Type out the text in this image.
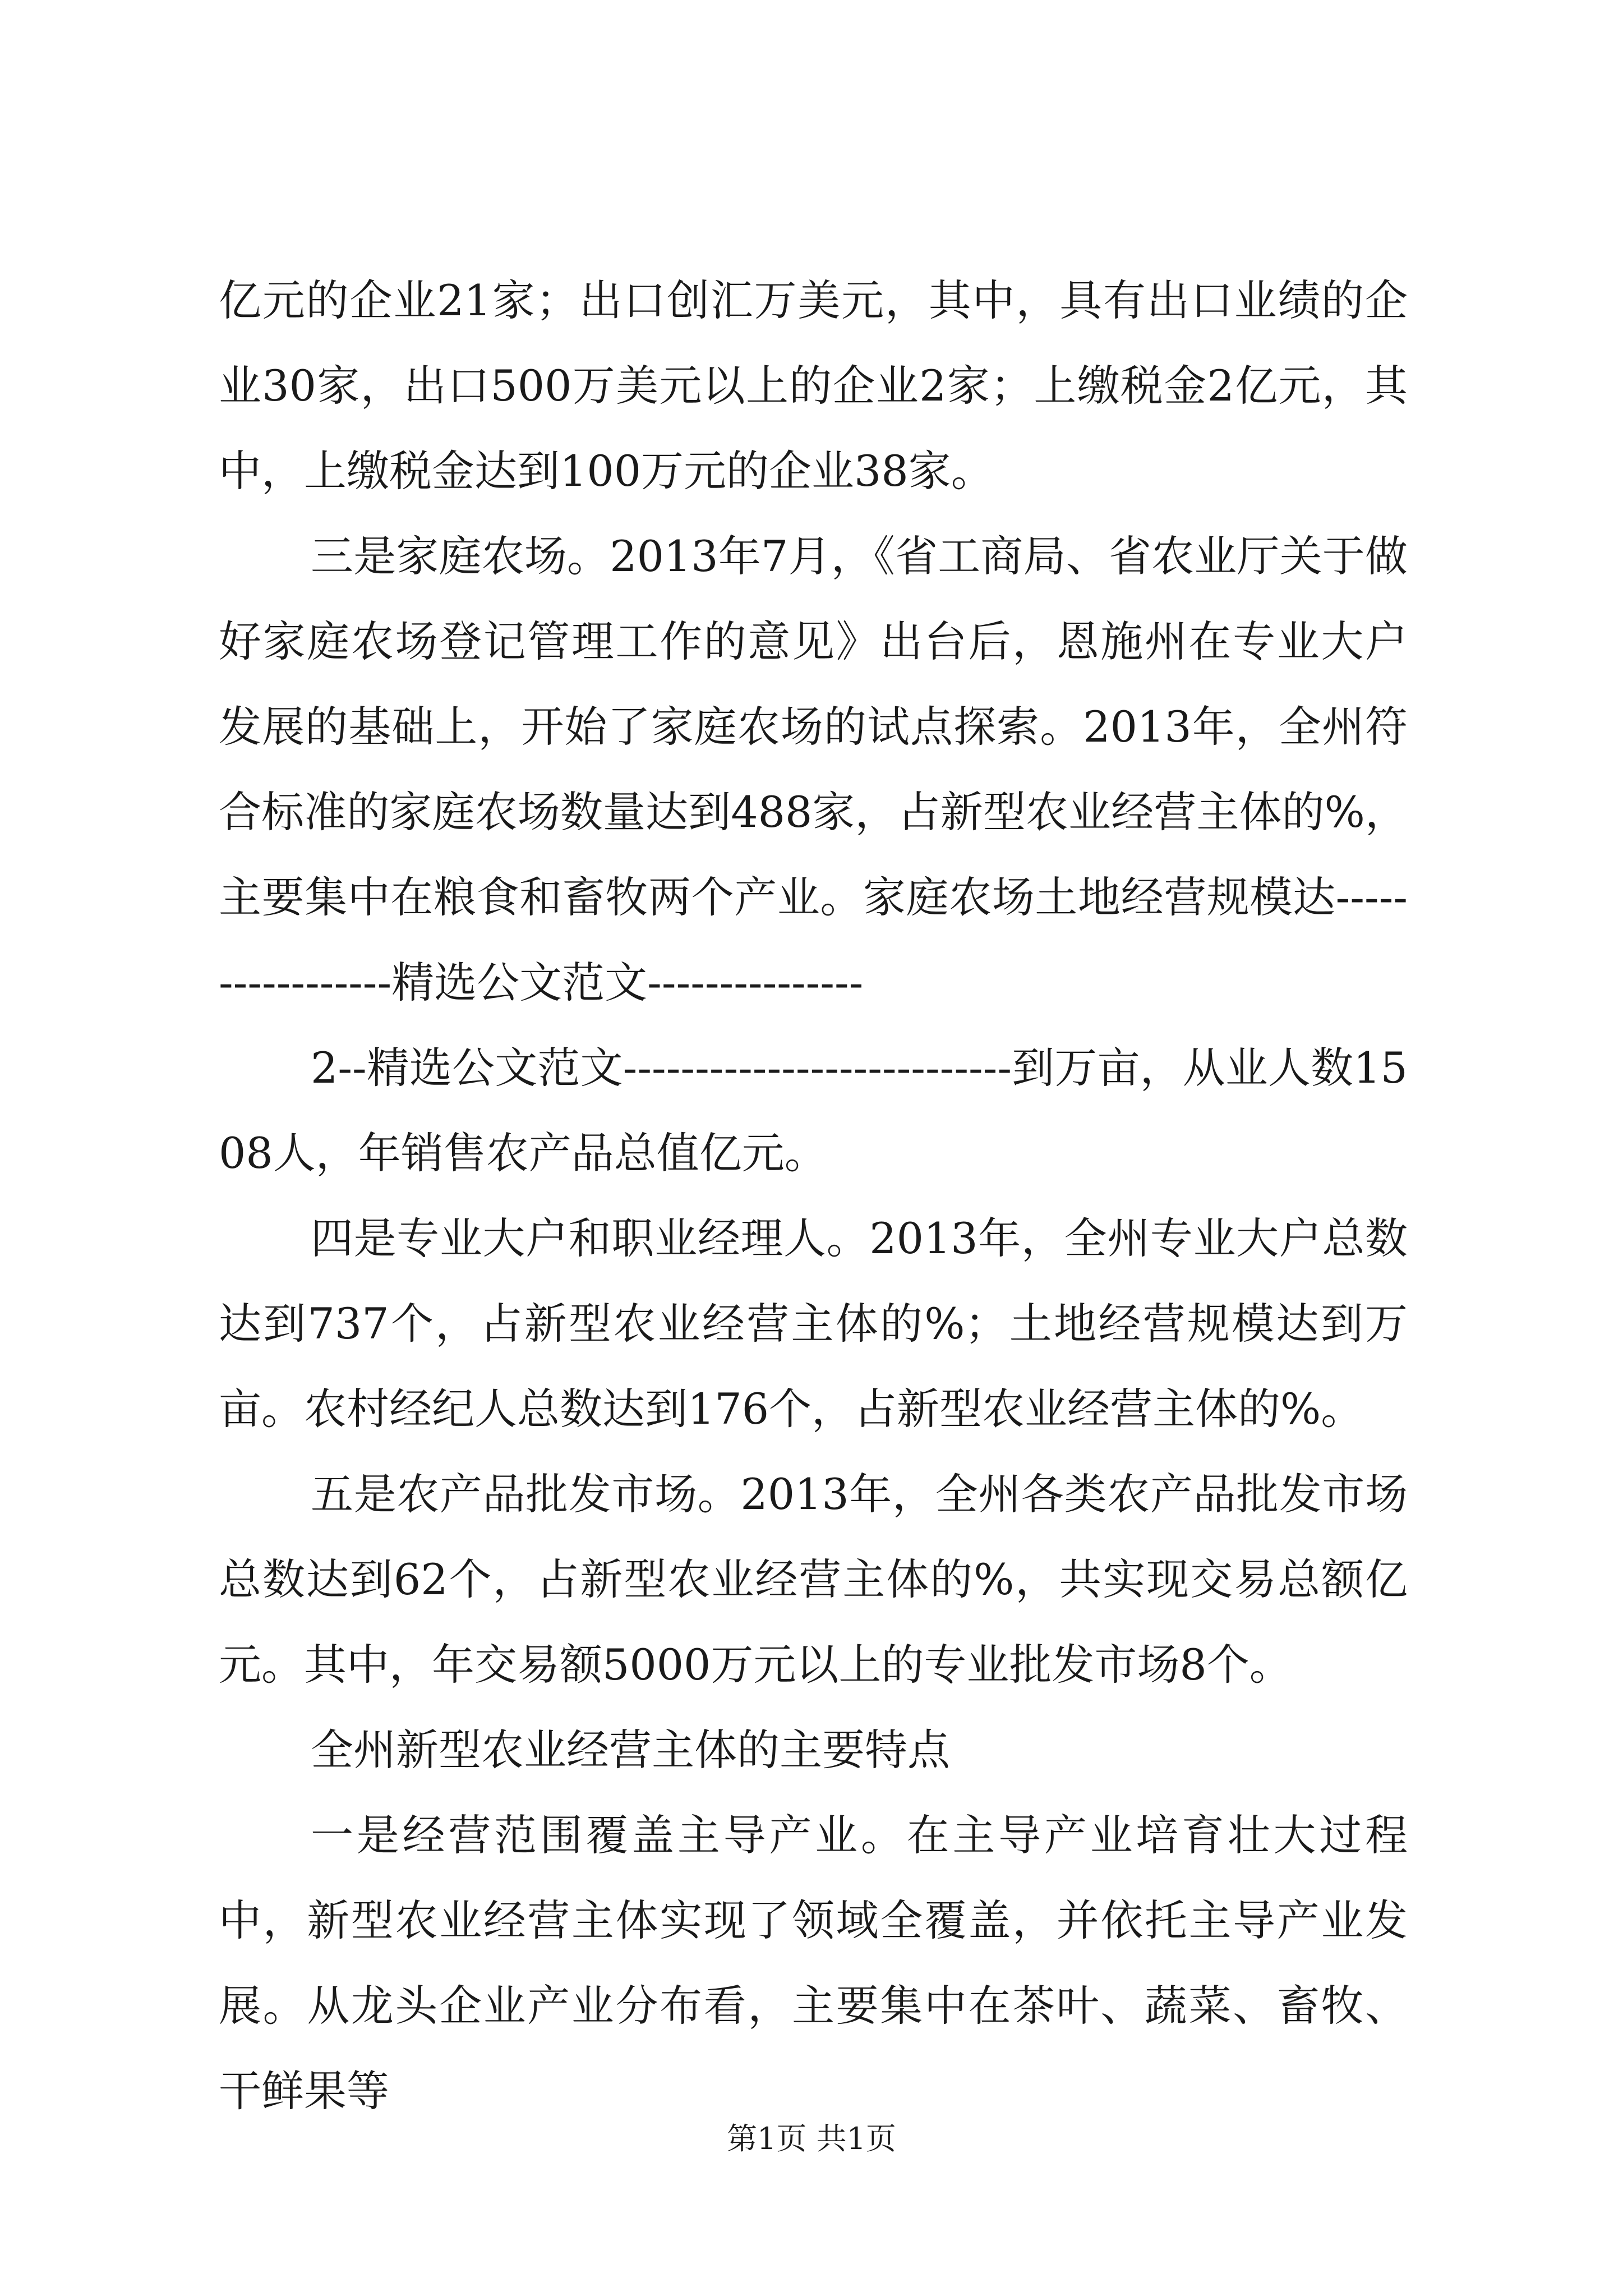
亿元的企业21家；出口创汇万美元，其中，具有出口业绩的企业30家，出口500万美元以上的企业2家；上缴税金2亿元，其中，上缴税金达到100万元的企业38家。

三是家庭农场。2013年7月，《省工商局、省农业厅关于做好家庭农场登记管理工作的意见》出台后，恩施州在专业大户发展的基础上，开始了家庭农场的试点探索。2013年，全州符合标准的家庭农场数量达到488家，占新型农业经营主体的%，主要集中在粮食和畜牧两个产业。家庭农场土地经营规模达-----------------精选公文范文---------------

2--精选公文范文---------------------------到万亩，从业人数1508人，年销售农产品总值亿元。

四是专业大户和职业经理人。2013年，全州专业大户总数达到737个，占新型农业经营主体的%；土地经营规模达到万亩。农村经纪人总数达到176个，占新型农业经营主体的%。

五是农产品批发市场。2013年，全州各类农产品批发市场总数达到62个，占新型农业经营主体的%，共实现交易总额亿元。其中，年交易额5000万元以上的专业批发市场8个。

全州新型农业经营主体的主要特点

一是经营范围覆盖主导产业。在主导产业培育壮大过程中，新型农业经营主体实现了领域全覆盖，并依托主导产业发展。从龙头企业产业分布看，主要集中在茶叶、蔬菜、畜牧、干鲜果等

第1页 共1页
